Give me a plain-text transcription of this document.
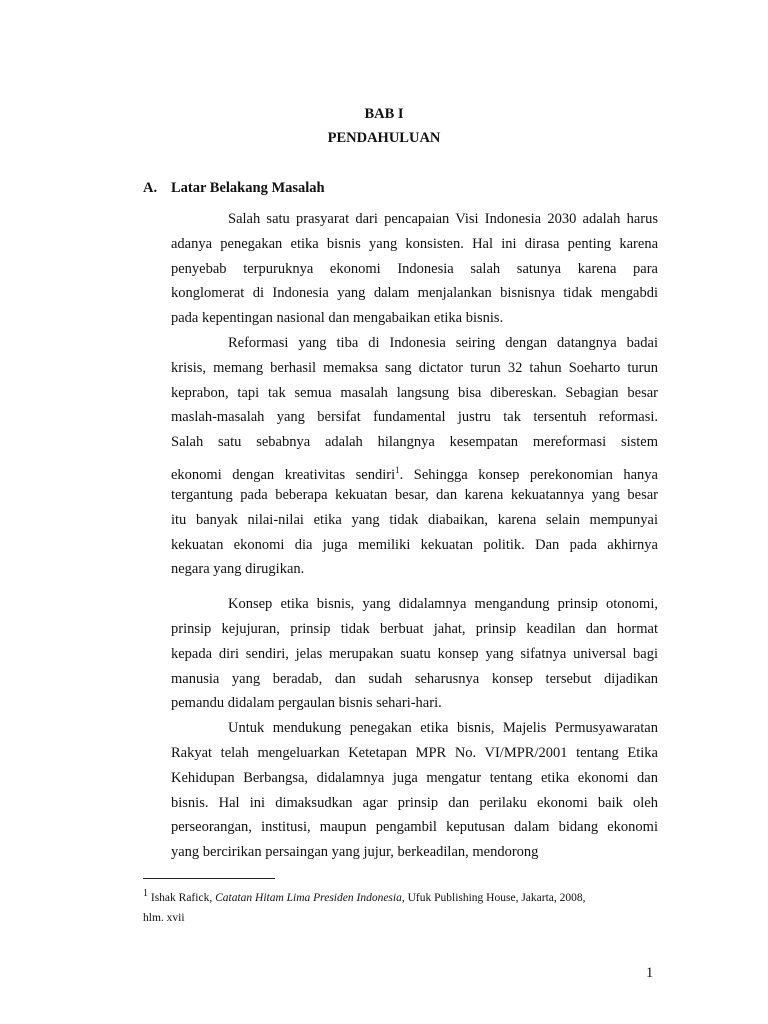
BAB I
PENDAHULUAN
A. Latar Belakang Masalah
Salah satu prasyarat dari pencapaian Visi Indonesia 2030 adalah harus
adanya penegakan etika bisnis yang konsisten. Hal ini dirasa penting karena
penyebab terpuruknya ekonomi Indonesia salah satunya karena para
konglomerat di Indonesia yang dalam menjalankan bisnisnya tidak mengabdi
pada kepentingan nasional dan mengabaikan etika bisnis.
Reformasi yang tiba di Indonesia seiring dengan datangnya badai
krisis, memang berhasil memaksa sang dictator turun 32 tahun Soeharto turun
keprabon, tapi tak semua masalah langsung bisa dibereskan. Sebagian besar
maslah-masalah yang bersifat fundamental justru tak tersentuh reformasi.
Salah satu sebabnya adalah hilangnya kesempatan mereformasi sistem
ekonomi dengan kreativitas sendiri$^1$. Sehingga konsep perekonomian hanya
tergantung pada beberapa kekuatan besar, dan karena kekuatannya yang besar
itu banyak nilai-nilai etika yang tidak diabaikan, karena selain mempunyai
kekuatan ekonomi dia juga memiliki kekuatan politik. Dan pada akhirnya
negara yang dirugikan.
Konsep etika bisnis, yang didalamnya mengandung prinsip otonomi,
prinsip kejujuran, prinsip tidak berbuat jahat, prinsip keadilan dan hormat
kepada diri sendiri, jelas merupakan suatu konsep yang sifatnya universal bagi
manusia yang beradab, dan sudah seharusnya konsep tersebut dijadikan
pemandu didalam pergaulan bisnis sehari-hari.
Untuk mendukung penegakan etika bisnis, Majelis Permusyawaratan
Rakyat telah mengeluarkan Ketetapan MPR No. VI/MPR/2001 tentang Etika
Kehidupan Berbangsa, didalamnya juga mengatur tentang etika ekonomi dan
bisnis. Hal ini dimaksudkan agar prinsip dan perilaku ekonomi baik oleh
perseorangan, institusi, maupun pengambil keputusan dalam bidang ekonomi
yang bercirikan persaingan yang jujur, berkeadilan, mendorong
$^1$ Ishak Rafick, Catatan Hitam Lima Presiden Indonesia, Ufuk Publishing House, Jakarta, 2008,
hlm. xvii
1
